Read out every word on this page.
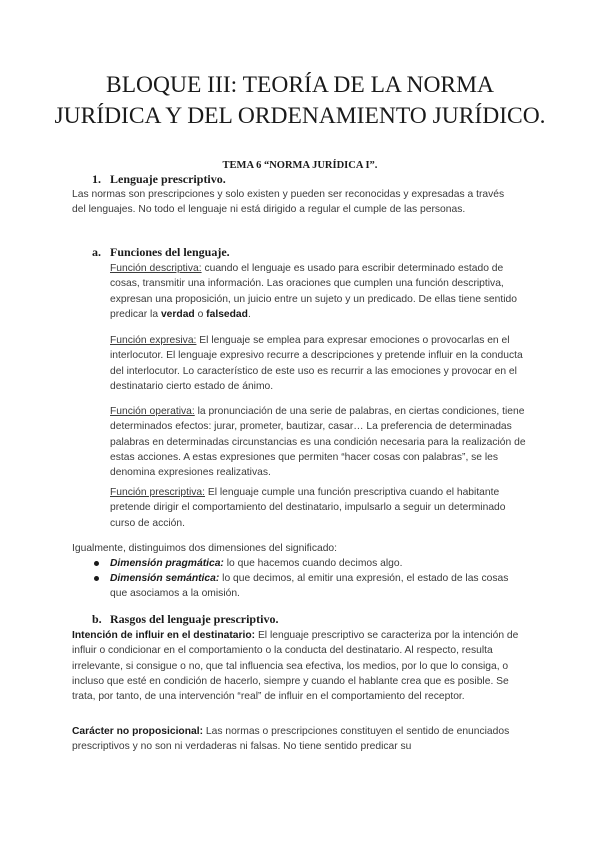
BLOQUE III: TEORÍA DE LA NORMA
JURÍDICA Y DEL ORDENAMIENTO JURÍDICO.
TEMA 6 “NORMA JURÍDICA I”.
1. Lenguaje prescriptivo.

Las normas son prescripciones y solo existen y pueden ser reconocidas y expresadas a través del lenguajes. No todo el lenguaje ni está dirigido a regular el cumple de las personas.

a. Funciones del lenguaje.

Función descriptiva: cuando el lenguaje es usado para escribir determinado estado de cosas, transmitir una información. Las oraciones que cumplen una función descriptiva, expresan una proposición, un juicio entre un sujeto y un predicado. De ellas tiene sentido predicar la verdad o falsedad.

Función expresiva: El lenguaje se emplea para expresar emociones o provocarlas en el interlocutor. El lenguaje expresivo recurre a descripciones y pretende influir en la conducta del interlocutor. Lo característico de este uso es recurrir a las emociones y provocar en el destinatario cierto estado de ánimo.

Función operativa: la pronunciación de una serie de palabras, en ciertas condiciones, tiene determinados efectos: jurar, prometer, bautizar, casar… La preferencia de determinadas palabras en determinadas circunstancias es una condición necesaria para la realización de estas acciones. A estas expresiones que permiten “hacer cosas con palabras”, se les denomina expresiones realizativas.

Función prescriptiva: El lenguaje cumple una función prescriptiva cuando el habitante pretende dirigir el comportamiento del destinatario, impulsarlo a seguir un determinado curso de acción.

Igualmente, distinguimos dos dimensiones del significado:

Dimensión pragmática: lo que hacemos cuando decimos algo.

Dimensión semántica: lo que decimos, al emitir una expresión, el estado de las cosas que asociamos a la omisión.

b. Rasgos del lenguaje prescriptivo.

Intención de influir en el destinatario: El lenguaje prescriptivo se caracteriza por la intención de influir o condicionar en el comportamiento o la conducta del destinatario. Al respecto, resulta irrelevante, si consigue o no, que tal influencia sea efectiva, los medios, por lo que lo consiga, o incluso que esté en condición de hacerlo, siempre y cuando el hablante crea que es posible. Se trata, por tanto, de una intervención “real” de influir en el comportamiento del receptor.

Carácter no proposicional: Las normas o prescripciones constituyen el sentido de enunciados prescriptivos y no son ni verdaderas ni falsas. No tiene sentido predicar su
